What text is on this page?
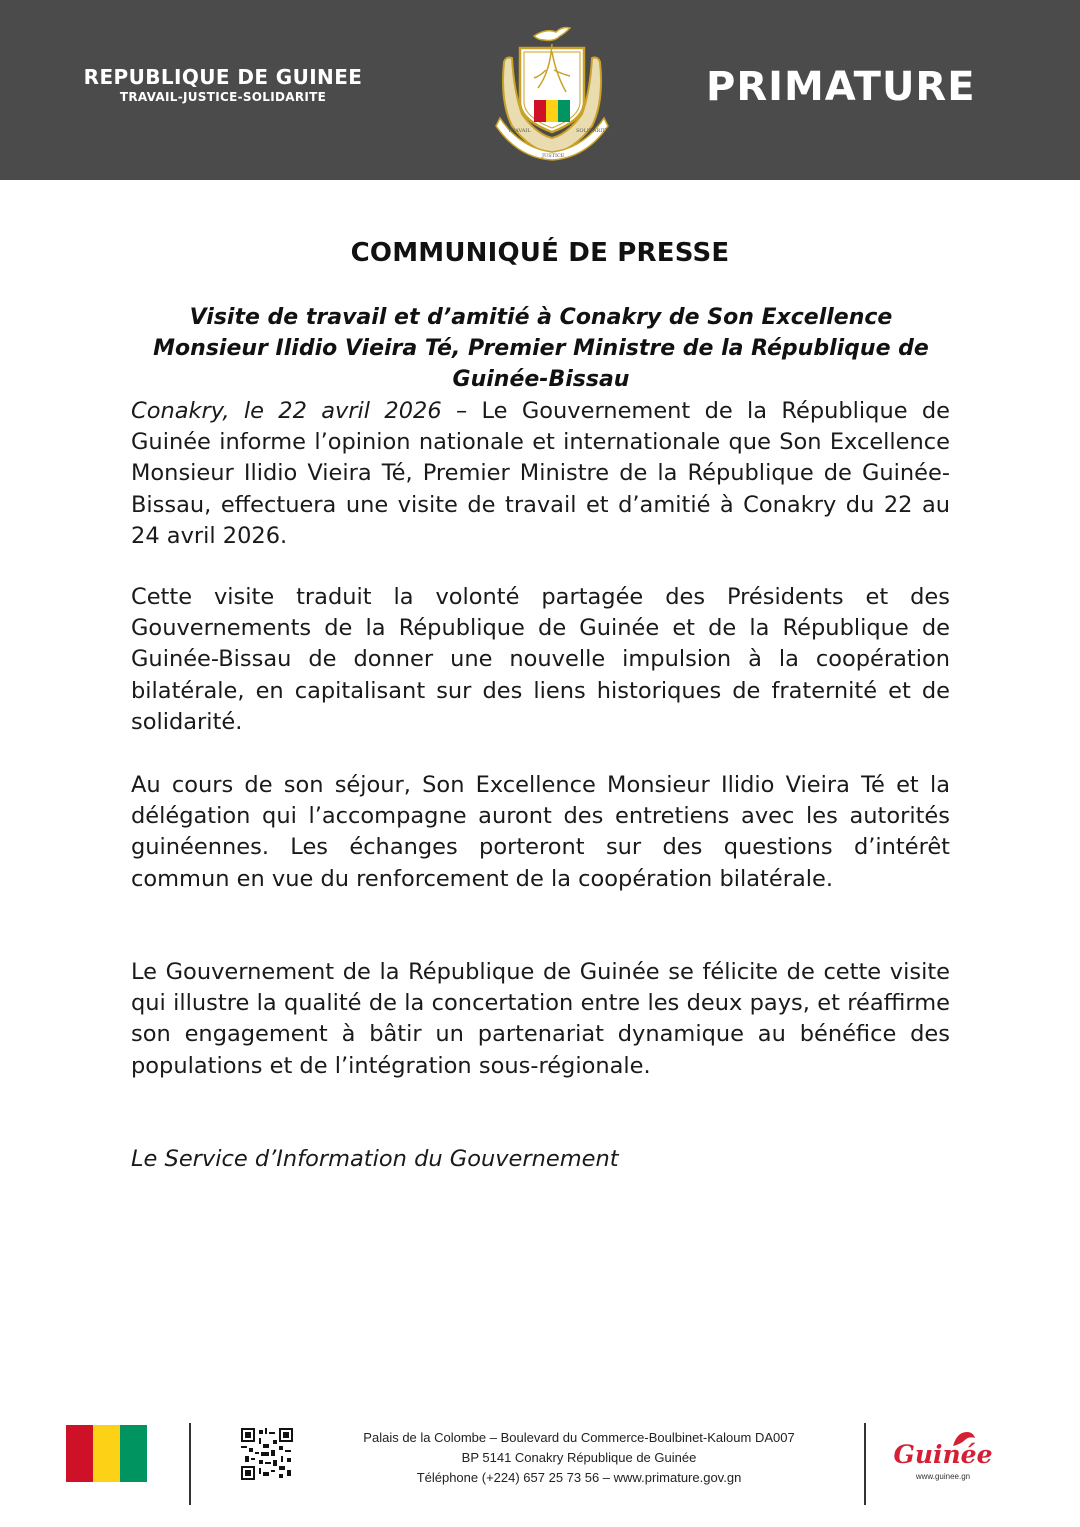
REPUBLIQUE DE GUINEE
TRAVAIL-JUSTICE-SOLIDARITE
TRAVAIL
JUSTICE
SOLIDARITE
PRIMATURE
COMMUNIQUÉ DE PRESSE
Visite de travail et d’amitié à Conakry de Son Excellence Monsieur Ilidio Vieira Té, Premier Ministre de la République de Guinée-Bissau
Conakry, le 22 avril 2026 – Le Gouvernement de la République de Guinée informe l’opinion nationale et internationale que Son Excellence Monsieur Ilidio Vieira Té, Premier Ministre de la République de Guinée-Bissau, effectuera une visite de travail et d’amitié à Conakry du 22 au 24 avril 2026.
Cette visite traduit la volonté partagée des Présidents et des Gouvernements de la République de Guinée et de la République de Guinée-Bissau de donner une nouvelle impulsion à la coopération bilatérale, en capitalisant sur des liens historiques de fraternité et de solidarité.
Au cours de son séjour, Son Excellence Monsieur Ilidio Vieira Té et la délégation qui l’accompagne auront des entretiens avec les autorités guinéennes. Les échanges porteront sur des questions d’intérêt commun en vue du renforcement de la coopération bilatérale.
Le Gouvernement de la République de Guinée se félicite de cette visite qui illustre la qualité de la concertation entre les deux pays, et réaffirme son engagement à bâtir un partenariat dynamique au bénéfice des populations et de l’intégration sous-régionale.
Le Service d’Information du Gouvernement
Palais de la Colombe – Boulevard du Commerce-Boulbinet-Kaloum DA007
BP 5141 Conakry République de Guinée
Téléphone (+224) 657 25 73 56 – www.primature.gov.gn
Guinée
www.guinee.gn
